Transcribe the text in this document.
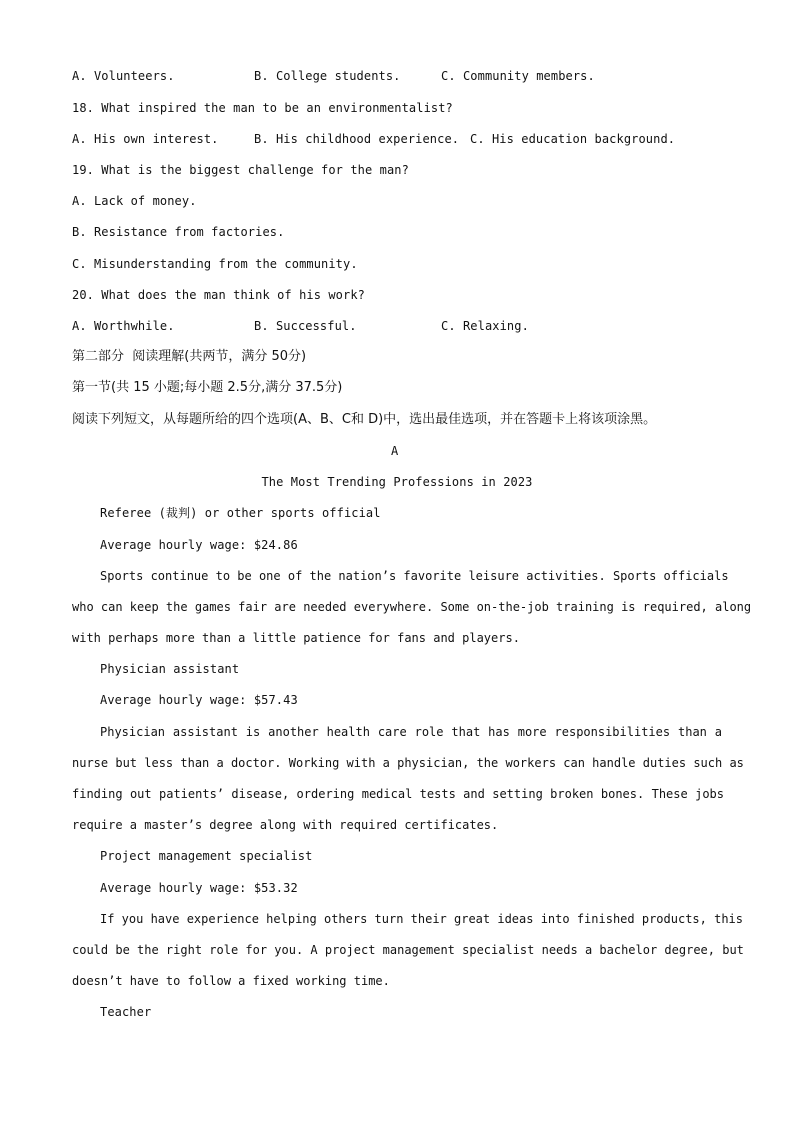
A. Volunteers.	B. College students.	C. Community members.
18. What inspired the man to be an environmentalist?
A. His own interest.	B. His childhood experience. C. His education background.
19. What is the biggest challenge for the man?
A. Lack of money.
B. Resistance from factories.
C. Misunderstanding from the community.
20. What does the man think of his work?
A. Worthwhile.	B. Successful.	C. Relaxing.
第二部分  阅读理解(共两节，满分 50分)
第一节(共 15 小题;每小题 2.5分,满分 37.5分)
阅读下列短文，从每题所给的四个选项(A、B、C和 D)中，选出最佳选项，并在答题卡上将该项涂黑。
A
The Most Trending Professions in 2023
Referee (裁判) or other sports official
Average hourly wage: $24.86
Sports continue to be one of the nation’s favorite leisure activities. Sports officials
who can keep the games fair are needed everywhere. Some on-the-job training is required, along
with perhaps more than a little patience for fans and players.
Physician assistant
Average hourly wage: $57.43
Physician assistant is another health care role that has more responsibilities than a
nurse but less than a doctor. Working with a physician, the workers can handle duties such as
finding out patients’ disease, ordering medical tests and setting broken bones. These jobs
require a master’s degree along with required certificates.
Project management specialist
Average hourly wage: $53.32
If you have experience helping others turn their great ideas into finished products, this
could be the right role for you. A project management specialist needs a bachelor degree, but
doesn’t have to follow a fixed working time.
Teacher
